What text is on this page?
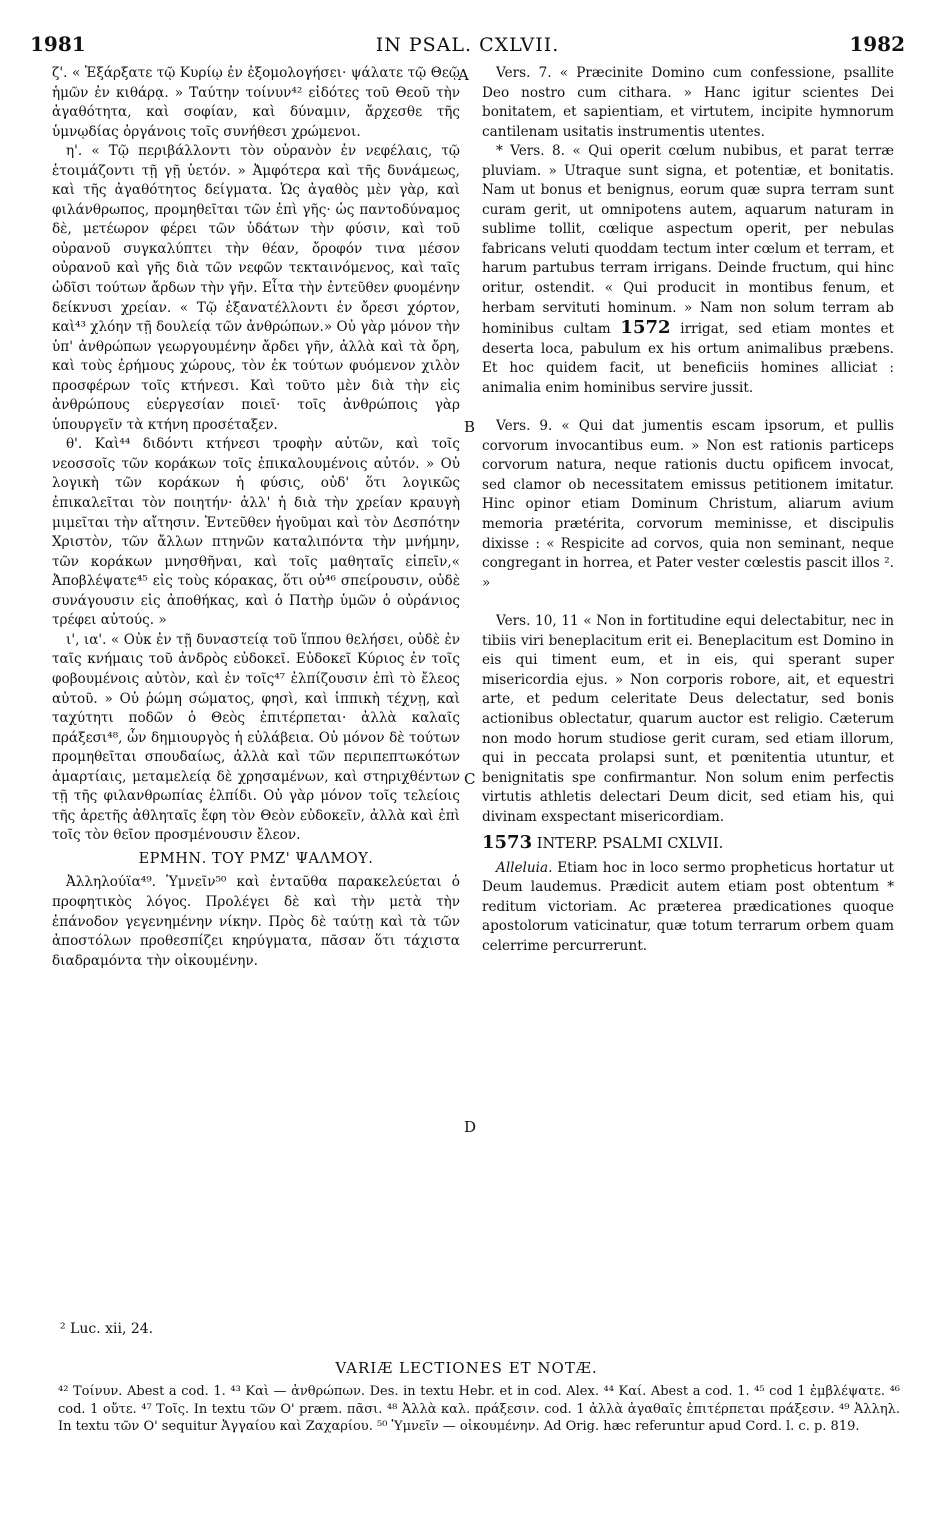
1981	IN PSAL. CXLVII.	1982

ζ'. « Ἐξάρξατε τῷ Κυρίῳ ἐν ἐξομολογήσει· ψάλατε τῷ Θεῷ ἡμῶν ἐν κιθάρᾳ. » Ταύτην τοίνυν⁴² εἰδότες τοῦ Θεοῦ τὴν ἀγαθότητα, καὶ σοφίαν, καὶ δύναμιν, ἄρχεσθε τῆς ὑμνῳδίας ὀργάνοις τοῖς συνήθεσι χρώμενοι.

η'. « Τῷ περιβάλλοντι τὸν οὐρανὸν ἐν νεφέλαις, τῷ ἑτοιμάζοντι τῇ γῇ ὑετόν. » Ἀμφότερα καὶ τῆς δυνάμεως, καὶ τῆς ἀγαθότητος δείγματα. Ὡς ἀγαθὸς μὲν γὰρ, καὶ φιλάνθρωπος, προμηθεῖται τῶν ἐπὶ γῆς· ὡς παντοδύναμος δὲ, μετέωρον φέρει τῶν ὑδάτων τὴν φύσιν, καὶ τοῦ οὐρανοῦ συγκαλύπτει τὴν θέαν, ὄροφόν τινα μέσον οὐρανοῦ καὶ γῆς διὰ τῶν νεφῶν τεκταινόμενος, καὶ ταῖς ὠδῖσι τούτων ἄρδων τὴν γῆν. Εἶτα τὴν ἐντεῦθεν φυομένην δείκνυσι χρείαν. « Τῷ ἐξανατέλλοντι ἐν ὄρεσι χόρτον, καὶ⁴³ χλόην τῇ δουλείᾳ τῶν ἀνθρώπων.» Οὐ γὰρ μόνον τὴν ὑπ' ἀνθρώπων γεωργουμένην ἄρδει γῆν, ἀλλὰ καὶ τὰ ὄρη, καὶ τοὺς ἐρήμους χώρους, τὸν ἐκ τούτων φυόμενον χιλὸν προσφέρων τοῖς κτήνεσι. Καὶ τοῦτο μὲν διὰ τὴν εἰς ἀνθρώπους εὐεργεσίαν ποιεῖ· τοῖς ἀνθρώποις γὰρ ὑπουργεῖν τὰ κτήνη προσέταξεν.

θ'. Καὶ⁴⁴ διδόντι κτήνεσι τροφὴν αὐτῶν, καὶ τοῖς νεοσσοῖς τῶν κοράκων τοῖς ἐπικαλουμένοις αὐτόν. » Οὐ λογικὴ τῶν κοράκων ἡ φύσις, οὐδ' ὅτι λογικῶς ἐπικαλεῖται τὸν ποιητήν· ἀλλ' ἡ διὰ τὴν χρείαν κραυγὴ μιμεῖται τὴν αἴτησιν. Ἐντεῦθεν ἡγοῦμαι καὶ τὸν Δεσπότην Χριστὸν, τῶν ἄλλων πτηνῶν καταλιπόντα τὴν μνήμην, τῶν κοράκων μνησθῆναι, καὶ τοῖς μαθηταῖς εἰπεῖν,« Ἀποβλέψατε⁴⁵ εἰς τοὺς κόρακας, ὅτι οὐ⁴⁶ σπείρουσιν, οὐδὲ συνάγουσιν εἰς ἀποθήκας, καὶ ὁ Πατὴρ ὑμῶν ὁ οὐράνιος τρέφει αὐτούς. »

ι', ια'. « Οὐκ ἐν τῇ δυναστείᾳ τοῦ ἵππου θελήσει, οὐδὲ ἐν ταῖς κνήμαις τοῦ ἀνδρὸς εὐδοκεῖ. Εὐδοκεῖ Κύριος ἐν τοῖς φοβουμένοις αὐτὸν, καὶ ἐν τοῖς⁴⁷ ἐλπίζουσιν ἐπὶ τὸ ἔλεος αὐτοῦ. » Οὐ ῥώμη σώματος, φησὶ, καὶ ἱππικὴ τέχνῃ, καὶ ταχύτητι ποδῶν ὁ Θεὸς ἐπιτέρπεται· ἀλλὰ καλαῖς πράξεσι⁴⁸, ὧν δημιουργὸς ἡ εὐλάβεια. Οὐ μόνον δὲ τούτων προμηθεῖται σπουδαίως, ἀλλὰ καὶ τῶν περιπεπτωκότων ἁμαρτίαις, μεταμελείᾳ δὲ χρησαμένων, καὶ στηριχθέντων τῇ τῆς φιλανθρωπίας ἐλπίδι. Οὐ γὰρ μόνον τοῖς τελείοις τῆς ἀρετῆς ἀθληταῖς ἔφη τὸν Θεὸν εὐδοκεῖν, ἀλλὰ καὶ ἐπὶ τοῖς τὸν θεῖον προσμένουσιν ἔλεον.

ΕΡΜΗΝ. ΤΟΥ ΡΜΖ' ΨΑΛΜΟΥ.

Ἀλληλούϊα⁴⁹. Ὑμνεῖν⁵⁰ καὶ ἐνταῦθα παρακελεύεται ὁ προφητικὸς λόγος. Προλέγει δὲ καὶ τὴν μετὰ τὴν ἐπάνοδον γεγενημένην νίκην. Πρὸς δὲ ταύτῃ καὶ τὰ τῶν ἀποστόλων προθεσπίζει κηρύγματα, πᾶσαν ὅτι τάχιστα διαδραμόντα τὴν οἰκουμένην.

Vers. 7. « Præcinite Domino cum confessione, psallite Deo nostro cum cithara. » Hanc igitur scientes Dei bonitatem, et sapientiam, et virtutem, incipite hymnorum cantilenam usitatis instrumentis utentes.

* Vers. 8. « Qui operit cœlum nubibus, et parat terræ pluviam. » Utraque sunt signa, et potentiæ, et bonitatis. Nam ut bonus et benignus, eorum quæ supra terram sunt curam gerit, ut omnipotens autem, aquarum naturam in sublime tollit, cœlique aspectum operit, per nebulas fabricans veluti quoddam tectum inter cœlum et terram, et harum partubus terram irrigans. Deinde fructum, qui hinc oritur, ostendit. « Qui producit in montibus fenum, et herbam servituti hominum. » Nam non solum terram ab hominibus cultam 1572 irrigat, sed etiam montes et deserta loca, pabulum ex his ortum animalibus præbens. Et hoc quidem facit, ut beneficiis homines alliciat : animalia enim hominibus servire jussit.

Vers. 9. « Qui dat jumentis escam ipsorum, et pullis corvorum invocantibus eum. » Non est rationis particeps corvorum natura, neque rationis ductu opificem invocat, sed clamor ob necessitatem emissus petitionem imitatur. Hinc opinor etiam Dominum Christum, aliarum avium memoria prætérita, corvorum meminisse, et discipulis dixisse : « Respicite ad corvos, quia non seminant, neque congregant in horrea, et Pater vester cœlestis pascit illos ². »

Vers. 10, 11 « Non in fortitudine equi delectabitur, nec in tibiis viri beneplacitum erit ei. Beneplacitum est Domino in eis qui timent eum, et in eis, qui sperant super misericordia ejus. » Non corporis robore, ait, et equestri arte, et pedum celeritate Deus delectatur, sed bonis actionibus oblectatur, quarum auctor est religio. Cæterum non modo horum studiose gerit curam, sed etiam illorum, qui in peccata prolapsi sunt, et pœnitentia utuntur, et benignitatis spe confirmantur. Non solum enim perfectis virtutis athletis delectari Deum dicit, sed etiam his, qui divinam exspectant misericordiam.

1573 INTERP. PSALMI CXLVII.

Alleluia. Etiam hoc in loco sermo propheticus hortatur ut Deum laudemus. Prædicit autem etiam post obtentum * reditum victoriam. Ac præterea prædicationes quoque apostolorum vaticinatur, quæ totum terrarum orbem quam celerrime percurrerunt.

A
B
C
D
² Luc. xii, 24.
VARIÆ LECTIONES ET NOTÆ.
⁴² Τοίνυν. Abest a cod. 1. ⁴³ Καὶ — ἀνθρώπων. Des. in textu Hebr. et in cod. Alex. ⁴⁴ Καί. Abest a cod. 1. ⁴⁵ cod 1 ἐμβλέψατε. ⁴⁶ cod. 1 οὔτε. ⁴⁷ Τοῖς. In textu τῶν Ο' præm. πᾶσι. ⁴⁸ Ἀλλὰ καλ. πράξεσιν. cod. 1 ἀλλὰ ἀγαθαῖς ἐπιτέρπεται πράξεσιν. ⁴⁹ Ἀλληλ. In textu τῶν Ο' sequitur Ἀγγαίου καὶ Ζαχαρίου. ⁵⁰ Ὑμνεῖν — οἰκουμένην. Ad Orig. hæc referuntur apud Cord. l. c. p. 819.
